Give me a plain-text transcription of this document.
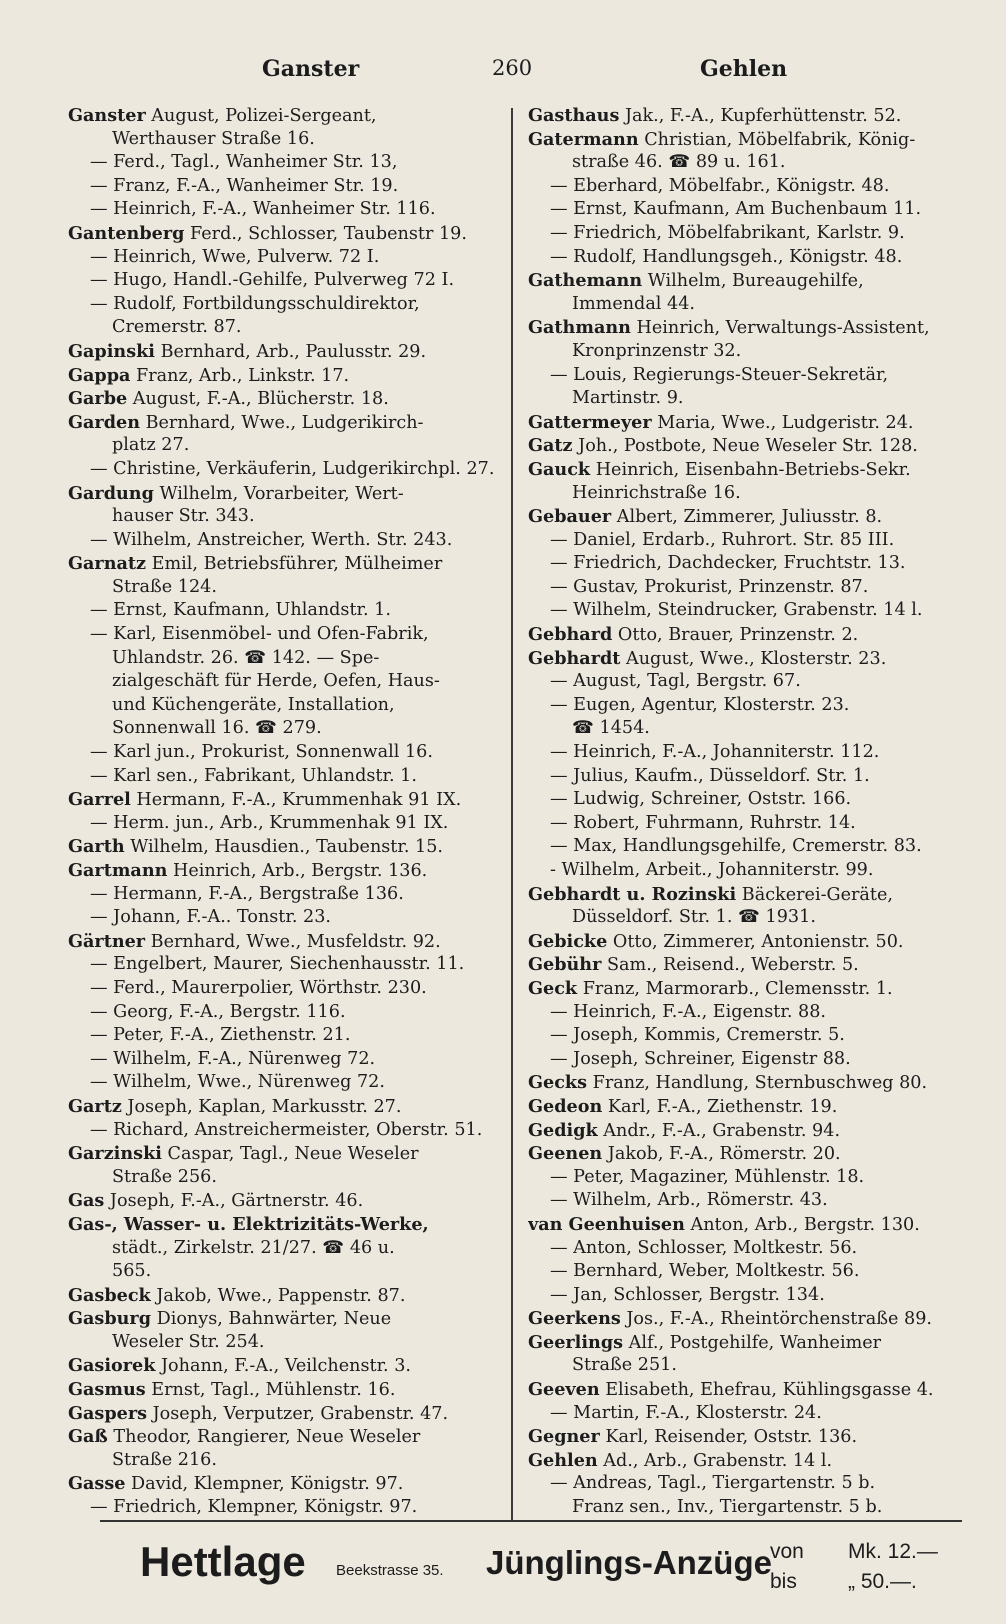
Ganster	260	Gehlen
Ganster August, Polizei-Sergeant,
Werthauser Straße 16.
— Ferd., Tagl., Wanheimer Str. 13,
— Franz, F.-A., Wanheimer Str. 19.
— Heinrich, F.-A., Wanheimer Str. 116.
Gantenberg Ferd., Schlosser, Taubenstr 19.
— Heinrich, Wwe, Pulverw. 72 I.
— Hugo, Handl.-Gehilfe, Pulverweg 72 I.
— Rudolf, Fortbildungsschuldirektor,
Cremerstr. 87.
Gapinski Bernhard, Arb., Paulusstr. 29.
Gappa Franz, Arb., Linkstr. 17.
Garbe August, F.-A., Blücherstr. 18.
Garden Bernhard, Wwe., Ludgerikirch-
platz 27.
— Christine, Verkäuferin, Ludgerikirchpl. 27.
Gardung Wilhelm, Vorarbeiter, Wert-
hauser Str. 343.
— Wilhelm, Anstreicher, Werth. Str. 243.
Garnatz Emil, Betriebsführer, Mülheimer
Straße 124.
— Ernst, Kaufmann, Uhlandstr. 1.
— Karl, Eisenmöbel- und Ofen-Fabrik,
Uhlandstr. 26. ☎ 142. — Spe-
zialgeschäft für Herde, Oefen, Haus-
und Küchengeräte, Installation,
Sonnenwall 16. ☎ 279.
— Karl jun., Prokurist, Sonnenwall 16.
— Karl sen., Fabrikant, Uhlandstr. 1.
Garrel Hermann, F.-A., Krummenhak 91 IX.
— Herm. jun., Arb., Krummenhak 91 IX.
Garth Wilhelm, Hausdien., Taubenstr. 15.
Gartmann Heinrich, Arb., Bergstr. 136.
— Hermann, F.-A., Bergstraße 136.
— Johann, F.-A.. Tonstr. 23.
Gärtner Bernhard, Wwe., Musfeldstr. 92.
— Engelbert, Maurer, Siechenhausstr. 11.
— Ferd., Maurerpolier, Wörthstr. 230.
— Georg, F.-A., Bergstr. 116.
— Peter, F.-A., Ziethenstr. 21.
— Wilhelm, F.-A., Nürenweg 72.
— Wilhelm, Wwe., Nürenweg 72.
Gartz Joseph, Kaplan, Markusstr. 27.
— Richard, Anstreichermeister, Oberstr. 51.
Garzinski Caspar, Tagl., Neue Weseler
Straße 256.
Gas Joseph, F.-A., Gärtnerstr. 46.
Gas-, Wasser- u. Elektrizitäts-Werke,
städt., Zirkelstr. 21/27. ☎ 46 u.
565.
Gasbeck Jakob, Wwe., Pappenstr. 87.
Gasburg Dionys, Bahnwärter, Neue
Weseler Str. 254.
Gasiorek Johann, F.-A., Veilchenstr. 3.
Gasmus Ernst, Tagl., Mühlenstr. 16.
Gaspers Joseph, Verputzer, Grabenstr. 47.
Gaß Theodor, Rangierer, Neue Weseler
Straße 216.
Gasse David, Klempner, Königstr. 97.
— Friedrich, Klempner, Königstr. 97.
Gasthaus Jak., F.-A., Kupferhüttenstr. 52.
Gatermann Christian, Möbelfabrik, König-
straße 46. ☎ 89 u. 161.
— Eberhard, Möbelfabr., Königstr. 48.
— Ernst, Kaufmann, Am Buchenbaum 11.
— Friedrich, Möbelfabrikant, Karlstr. 9.
— Rudolf, Handlungsgeh., Königstr. 48.
Gathemann Wilhelm, Bureaugehilfe,
Immendal 44.
Gathmann Heinrich, Verwaltungs-Assistent,
Kronprinzenstr 32.
— Louis, Regierungs-Steuer-Sekretär,
Martinstr. 9.
Gattermeyer Maria, Wwe., Ludgeristr. 24.
Gatz Joh., Postbote, Neue Weseler Str. 128.
Gauck Heinrich, Eisenbahn-Betriebs-Sekr.
Heinrichstraße 16.
Gebauer Albert, Zimmerer, Juliusstr. 8.
— Daniel, Erdarb., Ruhrort. Str. 85 III.
— Friedrich, Dachdecker, Fruchtstr. 13.
— Gustav, Prokurist, Prinzenstr. 87.
— Wilhelm, Steindrucker, Grabenstr. 14 l.
Gebhard Otto, Brauer, Prinzenstr. 2.
Gebhardt August, Wwe., Klosterstr. 23.
— August, Tagl, Bergstr. 67.
— Eugen, Agentur, Klosterstr. 23.
☎ 1454.
— Heinrich, F.-A., Johanniterstr. 112.
— Julius, Kaufm., Düsseldorf. Str. 1.
— Ludwig, Schreiner, Oststr. 166.
— Robert, Fuhrmann, Ruhrstr. 14.
— Max, Handlungsgehilfe, Cremerstr. 83.
- Wilhelm, Arbeit., Johanniterstr. 99.
Gebhardt u. Rozinski Bäckerei-Geräte,
Düsseldorf. Str. 1. ☎ 1931.
Gebicke Otto, Zimmerer, Antonienstr. 50.
Gebühr Sam., Reisend., Weberstr. 5.
Geck Franz, Marmorarb., Clemensstr. 1.
— Heinrich, F.-A., Eigenstr. 88.
— Joseph, Kommis, Cremerstr. 5.
— Joseph, Schreiner, Eigenstr 88.
Gecks Franz, Handlung, Sternbuschweg 80.
Gedeon Karl, F.-A., Ziethenstr. 19.
Gedigk Andr., F.-A., Grabenstr. 94.
Geenen Jakob, F.-A., Römerstr. 20.
— Peter, Magaziner, Mühlenstr. 18.
— Wilhelm, Arb., Römerstr. 43.
van Geenhuisen Anton, Arb., Bergstr. 130.
— Anton, Schlosser, Moltkestr. 56.
— Bernhard, Weber, Moltkestr. 56.
— Jan, Schlosser, Bergstr. 134.
Geerkens Jos., F.-A., Rheintörchenstraße 89.
Geerlings Alf., Postgehilfe, Wanheimer
Straße 251.
Geeven Elisabeth, Ehefrau, Kühlingsgasse 4.
— Martin, F.-A., Klosterstr. 24.
Gegner Karl, Reisender, Oststr. 136.
Gehlen Ad., Arb., Grabenstr. 14 l.
— Andreas, Tagl., Tiergartenstr. 5 b.
Franz sen., Inv., Tiergartenstr. 5 b.
Hettlage Beekstrasse 35. Jünglings-Anzüge
von
bis
Mk. 12.—
„ 50.—.
